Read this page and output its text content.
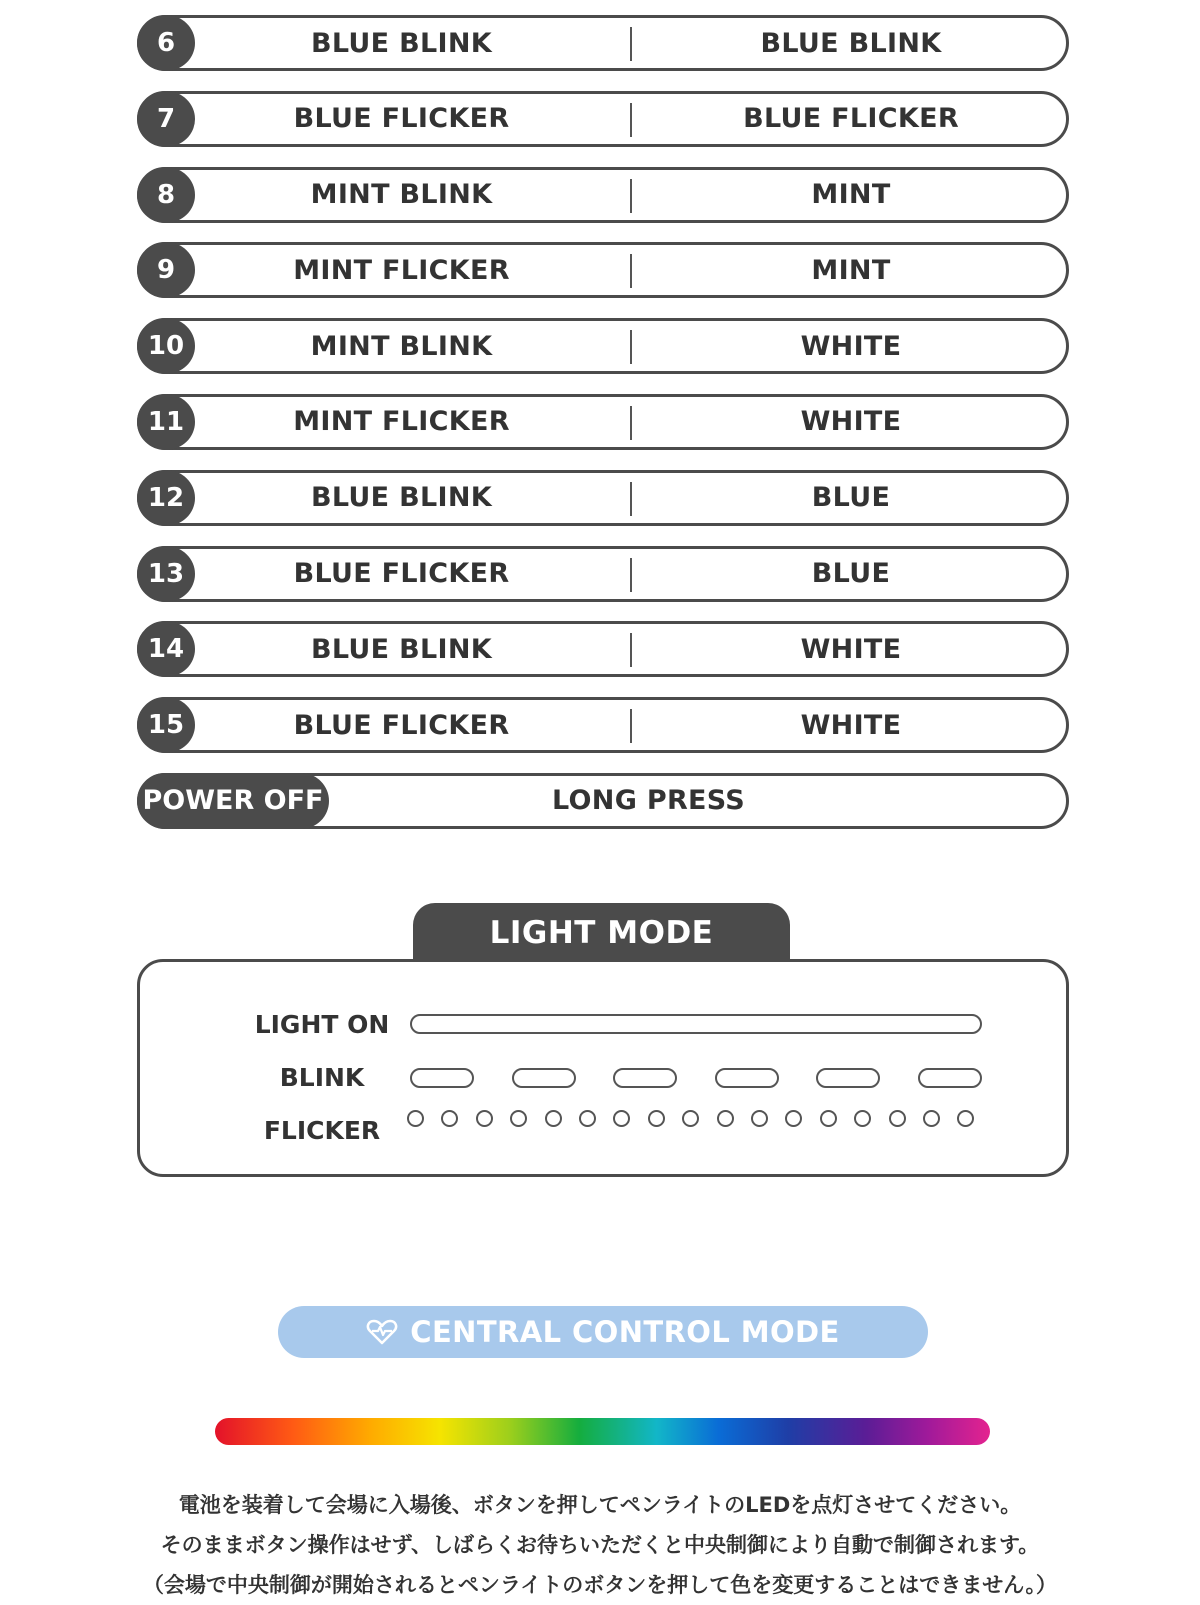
6	BLUE BLINK	BLUE BLINK
7	BLUE FLICKER	BLUE FLICKER
8	MINT BLINK	MINT
9	MINT FLICKER	MINT
10	MINT BLINK	WHITE
11	MINT FLICKER	WHITE
12	BLUE BLINK	BLUE
13	BLUE FLICKER	BLUE
14	BLUE BLINK	WHITE
15	BLUE FLICKER	WHITE
POWER OFF	LONG PRESS
LIGHT MODE
LIGHT ON
BLINK
FLICKER
CENTRAL CONTROL MODE
電池を装着して会場に入場後、ボタンを押してペンライトのLEDを点灯させてください。
そのままボタン操作はせず、しばらくお待ちいただくと中央制御により自動で制御されます。
（会場で中央制御が開始されるとペンライトのボタンを押して色を変更することはできません。）
